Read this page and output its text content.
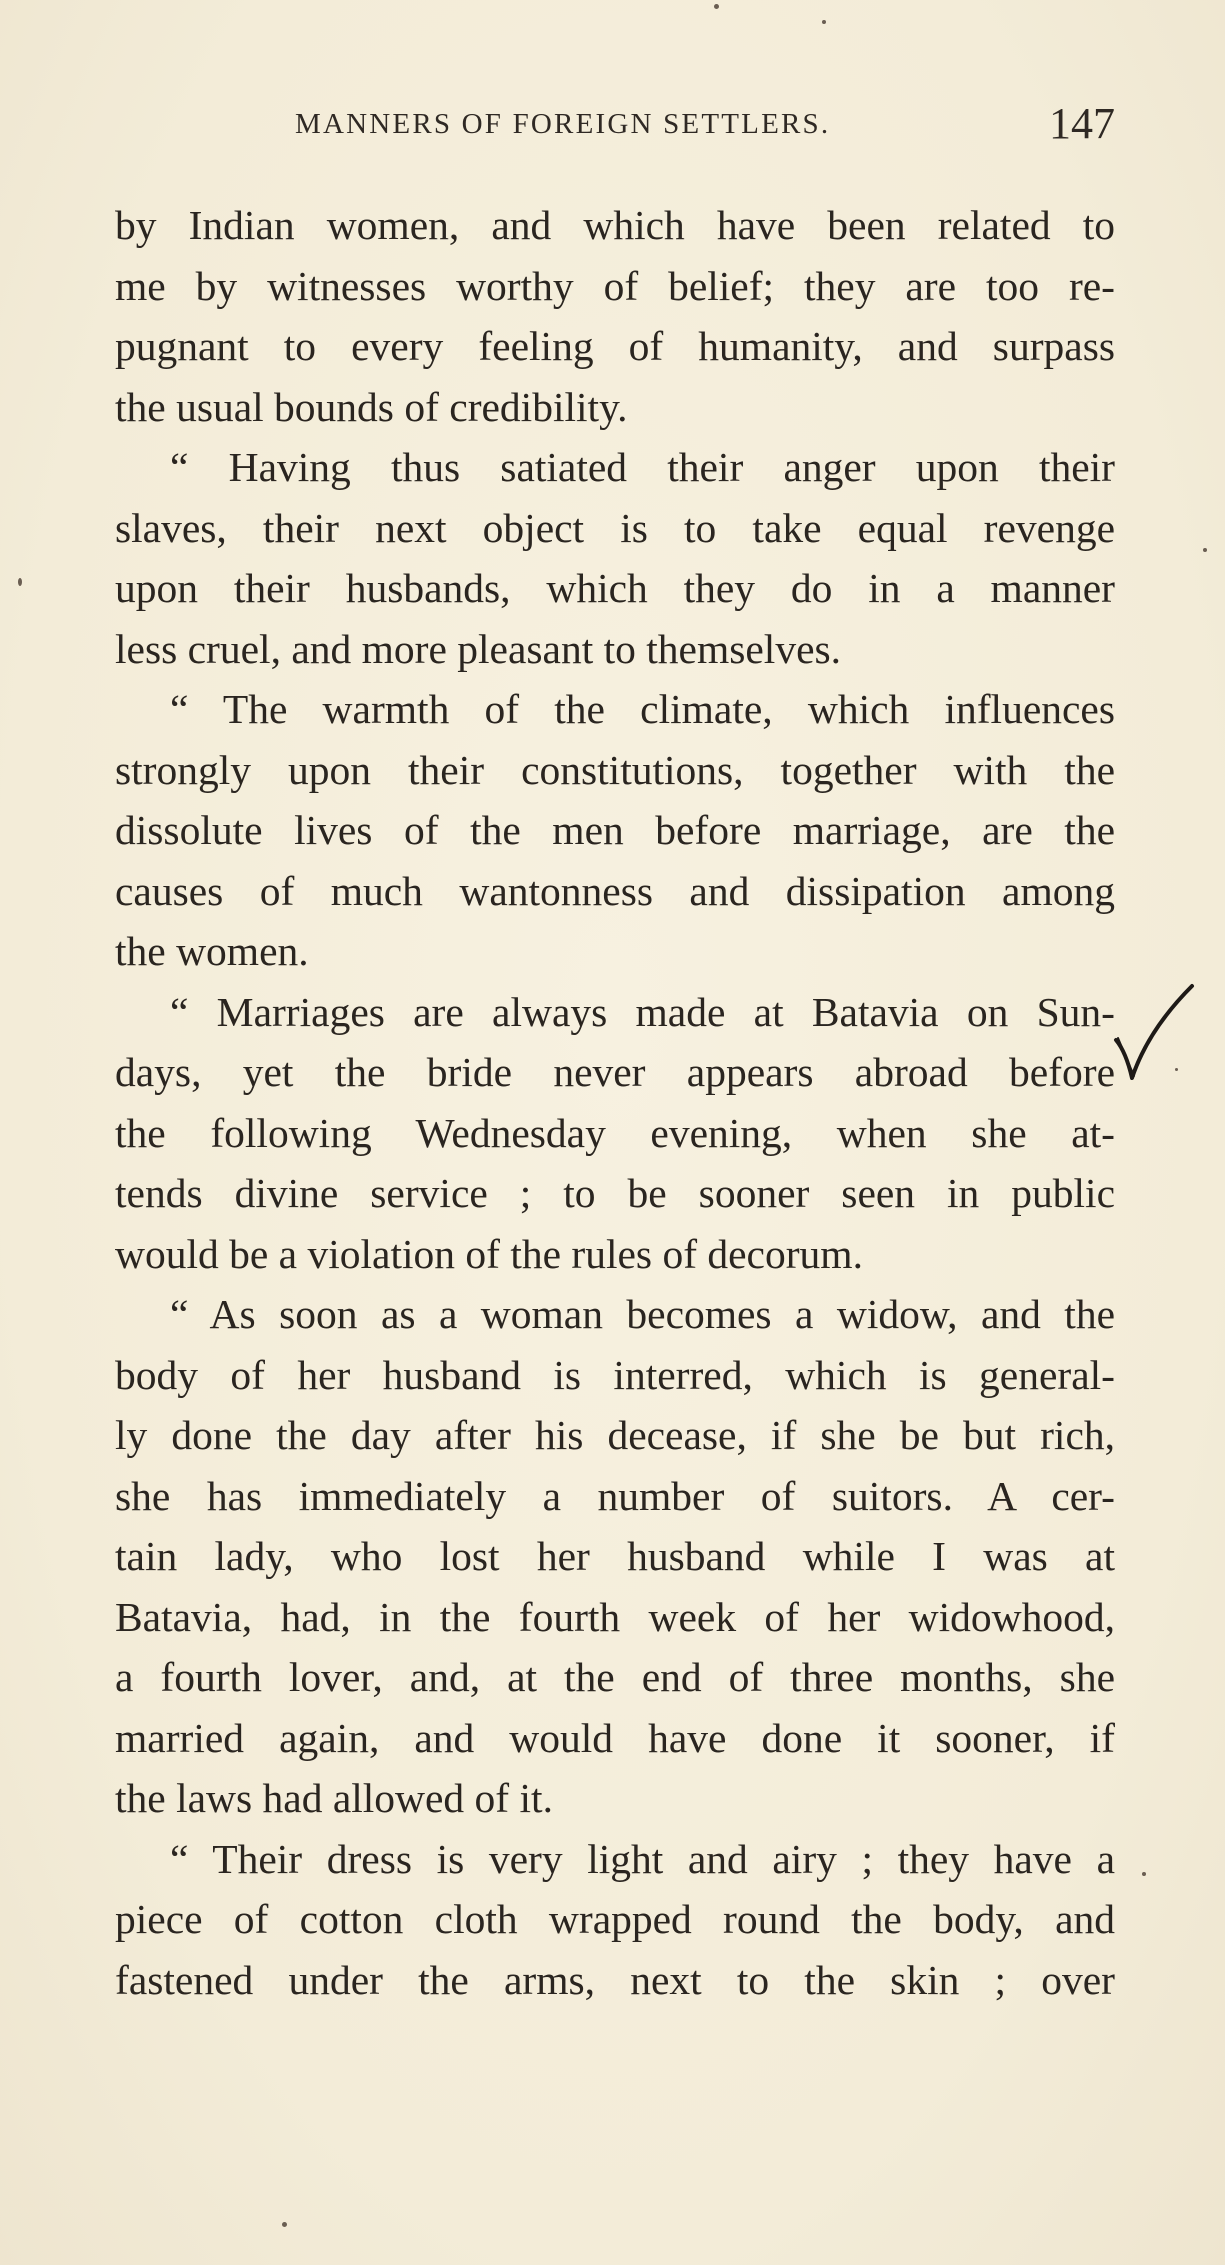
MANNERS OF FOREIGN SETTLERS.	147
by Indian women, and which have been related to
me by witnesses worthy of belief; they are too re-
pugnant to every feeling of humanity, and surpass
the usual bounds of credibility.
“ Having thus satiated their anger upon their
slaves, their next object is to take equal revenge
upon their husbands, which they do in a manner
less cruel, and more pleasant to themselves.
“ The warmth of the climate, which influences
strongly upon their constitutions, together with the
dissolute lives of the men before marriage, are the
causes of much wantonness and dissipation among
the women.
“ Marriages are always made at Batavia on Sun-
days, yet the bride never appears abroad before
the following Wednesday evening, when she at-
tends divine service ; to be sooner seen in public
would be a violation of the rules of decorum.
“ As soon as a woman becomes a widow, and the
body of her husband is interred, which is general-
ly done the day after his decease, if she be but rich,
she has immediately a number of suitors. A cer-
tain lady, who lost her husband while I was at
Batavia, had, in the fourth week of her widowhood,
a fourth lover, and, at the end of three months, she
married again, and would have done it sooner, if
the laws had allowed of it.
“ Their dress is very light and airy ; they have a
piece of cotton cloth wrapped round the body, and
fastened under the arms, next to the skin ; over
